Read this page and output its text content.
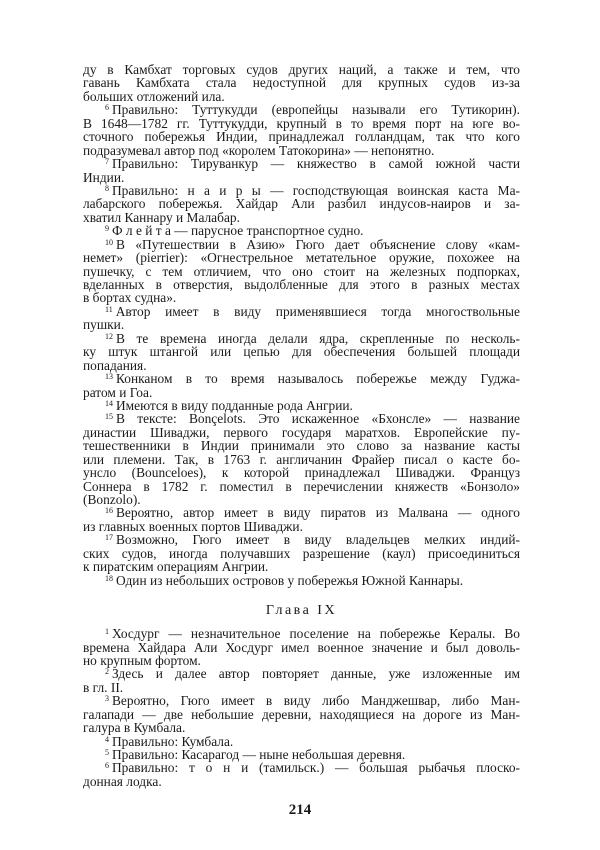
ду в Камбхат торговых судов других наций, а также и тем, что
гавань Камбхата стала недоступной для крупных судов из-за
больших отложений ила.
$^6$ Правильно: Туттукудди (европейцы называли его Тутикорин).
В 1648—1782 гг. Туттукудди, крупный в то время порт на юге во-
сточного побережья Индии, принадлежал голландцам, так что кого
подразумевал автор под «королем Татокорина» — непонятно.
$^7$ Правильно: Тируванкур — княжество в самой южной части
Индии.
$^8$ Правильно: н а и р ы — господствующая воинская каста Ма-
лабарского побережья. Хайдар Али разбил индусов-наиров и за-
хватил Каннару и Малабар.
$^9$ Ф л е й т а — парусное транспортное судно.
$^{10}$ В «Путешествии в Азию» Гюго дает объяснение слову «кам-
немет» (pierrier): «Огнестрельное метательное оружие, похожее на
пушечку, с тем отличием, что оно стоит на железных подпорках,
вделанных в отверстия, выдолбленные для этого в разных местах
в бортах судна».
$^{11}$ Автор имеет в виду применявшиеся тогда многоствольные
пушки.
$^{12}$ В те времена иногда делали ядра, скрепленные по несколь-
ку штук штангой или цепью для обеспечения большей площади
попадания.
$^{13}$ Конканом в то время называлось побережье между Гуджа-
ратом и Гоа.
$^{14}$ Имеются в виду подданные рода Ангрии.
$^{15}$ В тексте: Bonçelots. Это искаженное «Бхонсле» — название
династии Шиваджи, первого государя маратхов. Европейские пу-
тешественники в Индии принимали это слово за название касты
или племени. Так, в 1763 г. англичанин Фрайер писал о касте бо-
унсло (Bounceloes), к которой принадлежал Шиваджи. Француз
Соннера в 1782 г. поместил в перечислении княжеств «Бонзоло»
(Bonzolo).
$^{16}$ Вероятно, автор имеет в виду пиратов из Малвана — одного
из главных военных портов Шиваджи.
$^{17}$ Возможно, Гюго имеет в виду владельцев мелких индий-
ских судов, иногда получавших разрешение (каул) присоединиться
к пиратским операциям Ангрии.
$^{18}$ Один из небольших островов у побережья Южной Каннары.
Глава IX
$^1$ Хосдург — незначительное поселение на побережье Кералы. Во
времена Хайдара Али Хосдург имел военное значение и был доволь-
но крупным фортом.
$^2$ Здесь и далее автор повторяет данные, уже изложенные им
в гл. II.
$^3$ Вероятно, Гюго имеет в виду либо Манджешвар, либо Ман-
галапади — две небольшие деревни, находящиеся на дороге из Ман-
галура в Кумбала.
$^4$ Правильно: Кумбала.
$^5$ Правильно: Касарагод — ныне небольшая деревня.
$^6$ Правильно: т о н и (тамильск.) — большая рыбачья плоско-
донная лодка.
214
